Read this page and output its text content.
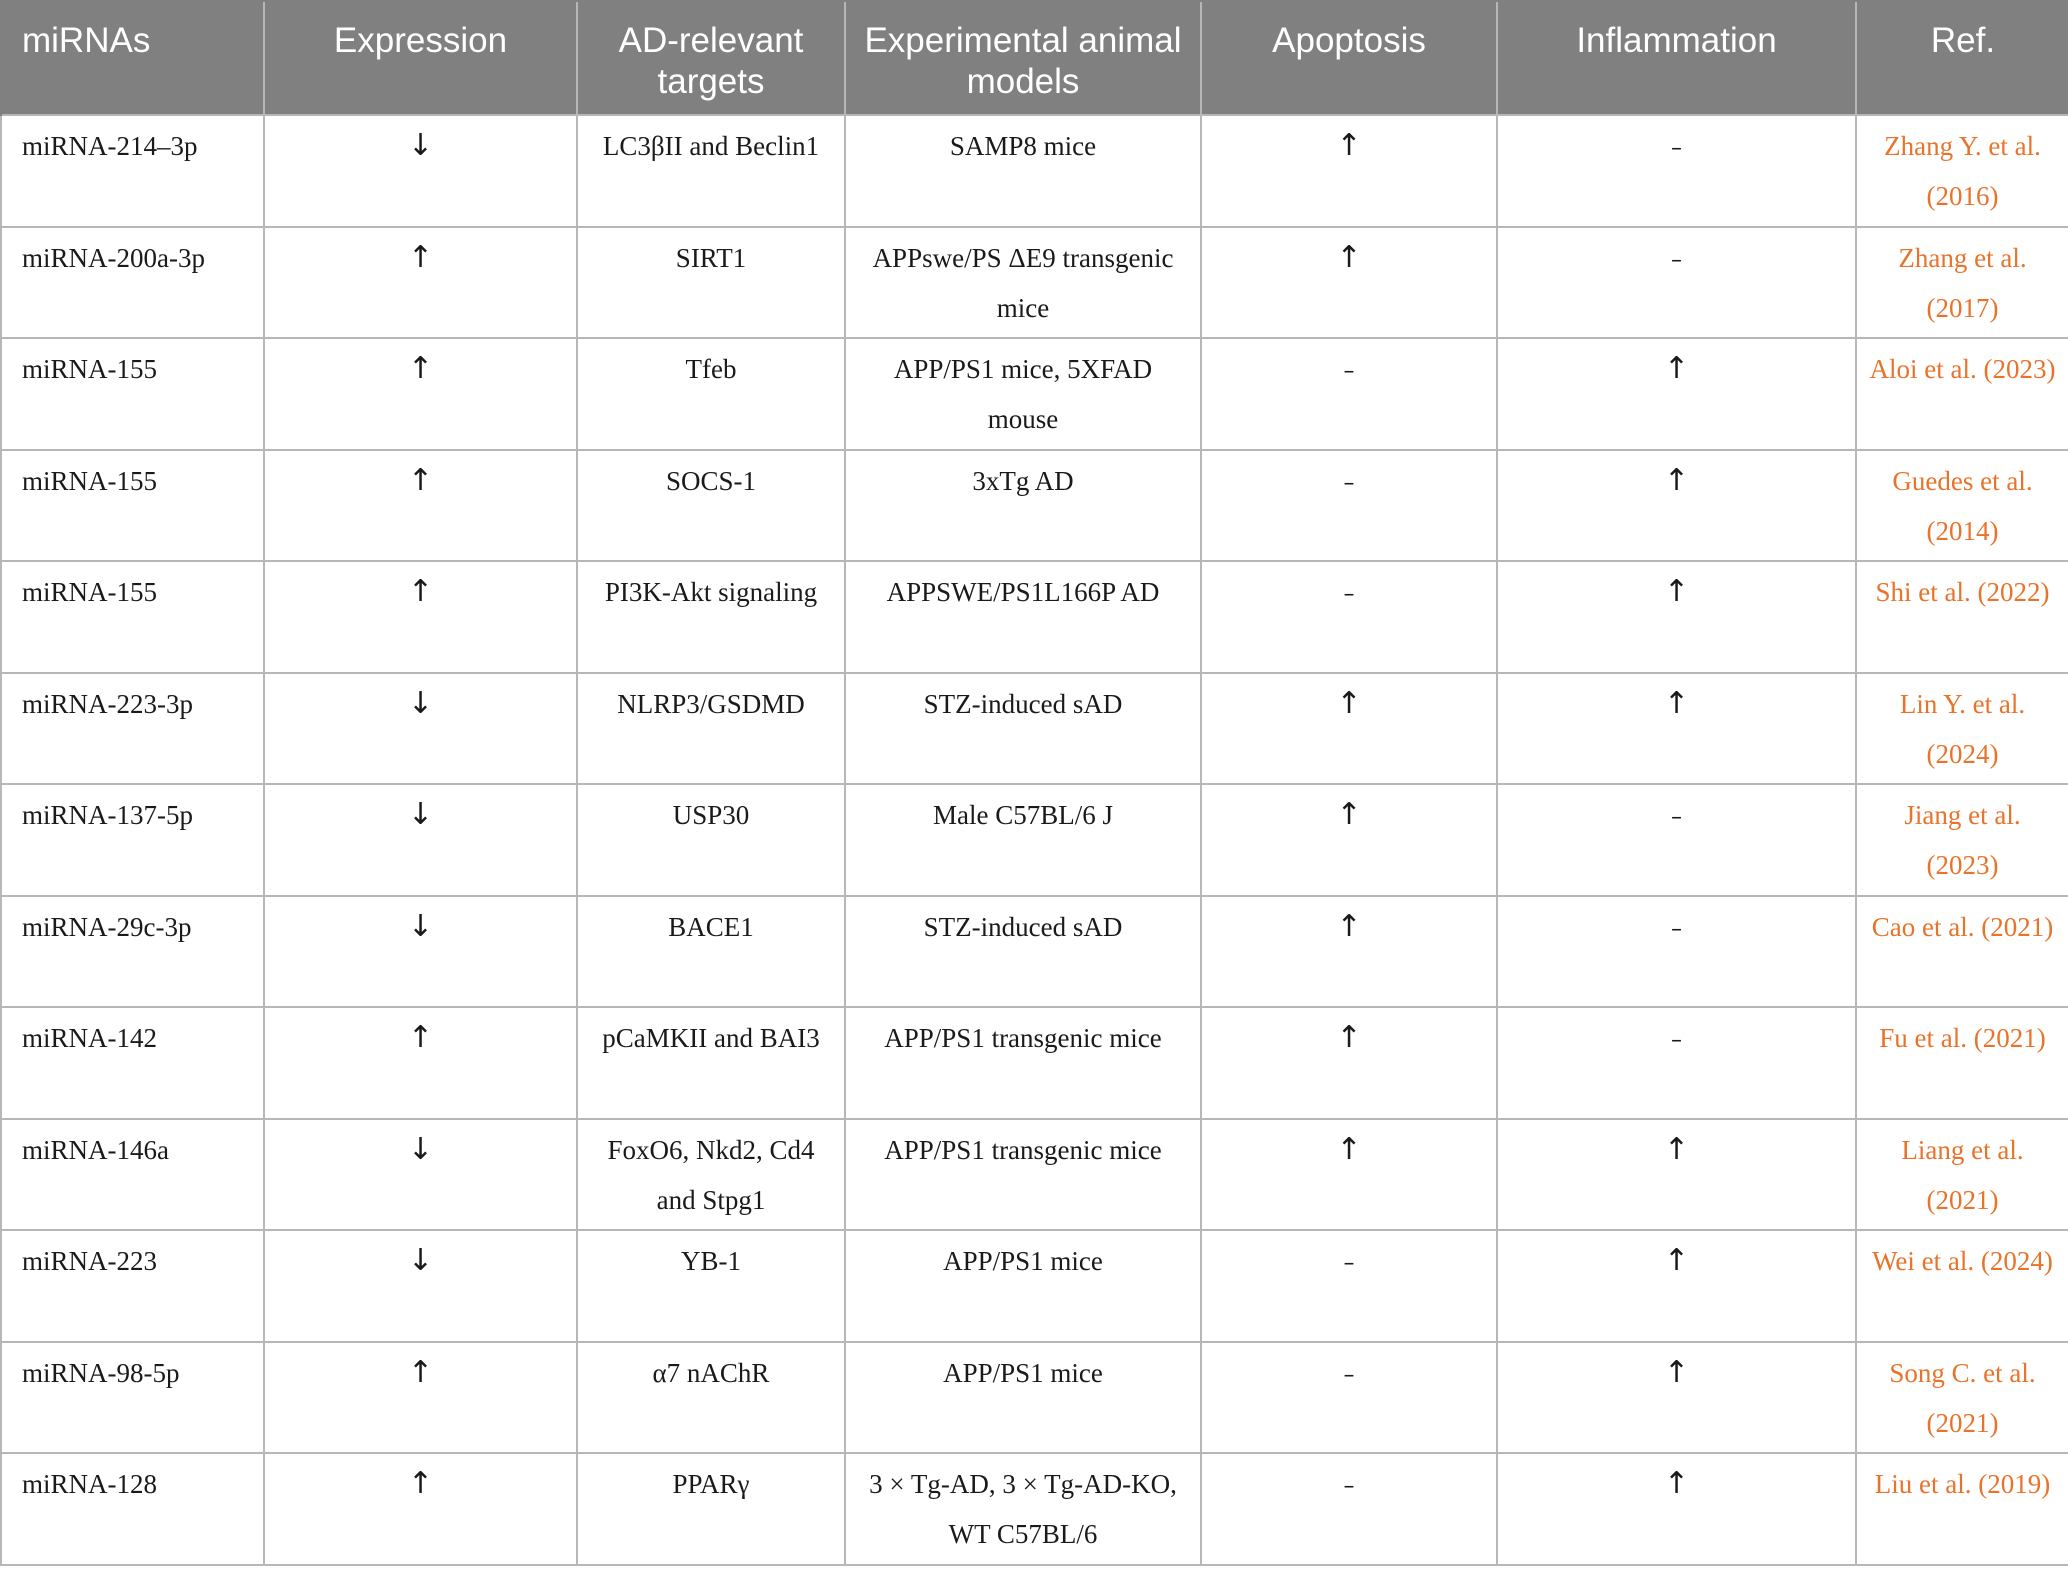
miRNAs	Expression	AD-relevant targets	Experimental animal models	Apoptosis	Inflammation	Ref.
miRNA-214–3p	↓	LC3βII and Beclin1	SAMP8 mice	↑	–	Zhang Y. et al. (2016)
miRNA-200a-3p	↑	SIRT1	APPswe/PS ΔE9 transgenic mice	↑	–	Zhang et al. (2017)
miRNA-155	↑	Tfeb	APP/PS1 mice, 5XFAD mouse	–	↑	Aloi et al. (2023)
miRNA-155	↑	SOCS-1	3xTg AD	–	↑	Guedes et al. (2014)
miRNA-155	↑	PI3K-Akt signaling	APPSWE/PS1L166P AD	–	↑	Shi et al. (2022)
miRNA-223-3p	↓	NLRP3/GSDMD	STZ-induced sAD	↑	↑	Lin Y. et al. (2024)
miRNA-137-5p	↓	USP30	Male C57BL/6 J	↑	–	Jiang et al. (2023)
miRNA-29c-3p	↓	BACE1	STZ-induced sAD	↑	–	Cao et al. (2021)
miRNA-142	↑	pCaMKII and BAI3	APP/PS1 transgenic mice	↑	–	Fu et al. (2021)
miRNA-146a	↓	FoxO6, Nkd2, Cd4 and Stpg1	APP/PS1 transgenic mice	↑	↑	Liang et al. (2021)
miRNA-223	↓	YB-1	APP/PS1 mice	–	↑	Wei et al. (2024)
miRNA-98-5p	↑	α7 nAChR	APP/PS1 mice	–	↑	Song C. et al. (2021)
miRNA-128	↑	PPARγ	3 × Tg-AD, 3 × Tg-AD-KO, WT C57BL/6	–	↑	Liu et al. (2019)
